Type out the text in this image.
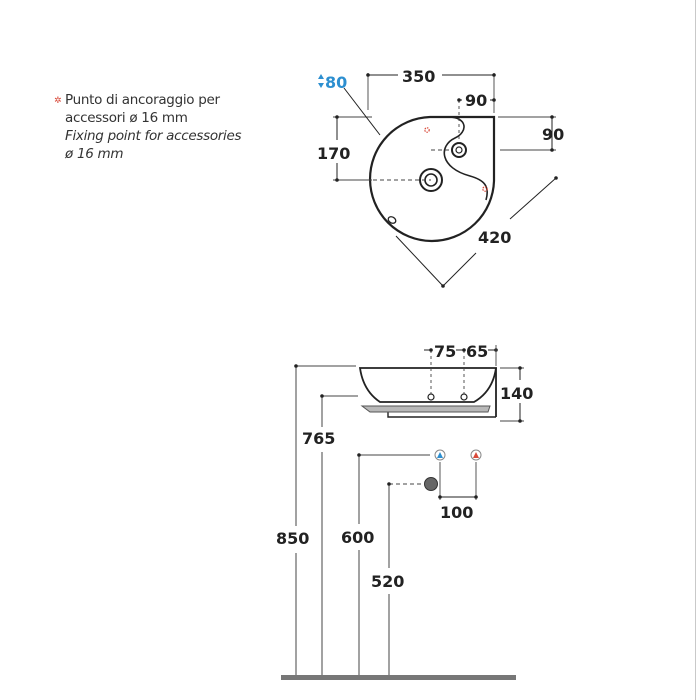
✲ Punto di ancoraggio per
accessori ø 16 mm
Fixing point for accessories
ø 16 mm
80	350
90
90
170
420
75 65
140
765
850 600
520
100
